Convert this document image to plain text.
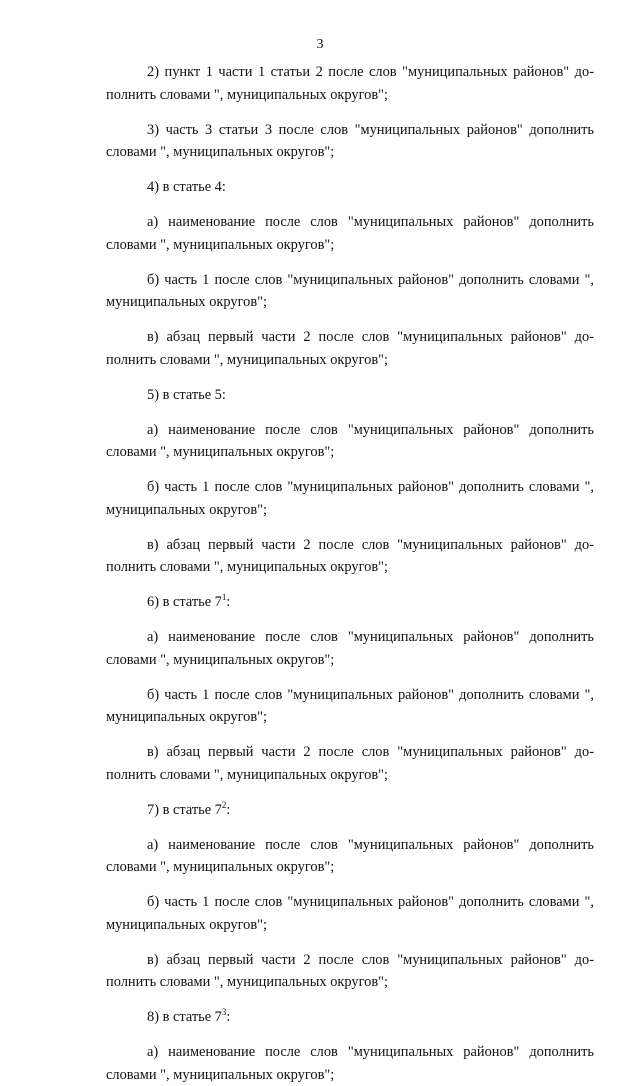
3

2) пункт 1 части 1 статьи 2 после слов "муниципальных районов" до- полнить словами ", муниципальных округов";

3) часть 3 статьи 3 после слов "муниципальных районов" дополнить словами ", муниципальных округов";

4) в статье 4:

а) наименование после слов "муниципальных районов" дополнить словами ", муниципальных округов";

б) часть 1 после слов "муниципальных районов" дополнить словами ", муниципальных округов";

в) абзац первый части 2 после слов "муниципальных районов" до- полнить словами ", муниципальных округов";

5) в статье 5:

а) наименование после слов "муниципальных районов" дополнить словами ", муниципальных округов";

б) часть 1 после слов "муниципальных районов" дополнить словами ", муниципальных округов";

в) абзац первый части 2 после слов "муниципальных районов" до- полнить словами ", муниципальных округов";

6) в статье $7^1$:

а) наименование после слов "муниципальных районов" дополнить словами ", муниципальных округов";

б) часть 1 после слов "муниципальных районов" дополнить словами ", муниципальных округов";

в) абзац первый части 2 после слов "муниципальных районов" до- полнить словами ", муниципальных округов";

7) в статье $7^2$:

а) наименование после слов "муниципальных районов" дополнить словами ", муниципальных округов";

б) часть 1 после слов "муниципальных районов" дополнить словами ", муниципальных округов";

в) абзац первый части 2 после слов "муниципальных районов" до- полнить словами ", муниципальных округов";

8) в статье $7^3$:

а) наименование после слов "муниципальных районов" дополнить словами ", муниципальных округов";
